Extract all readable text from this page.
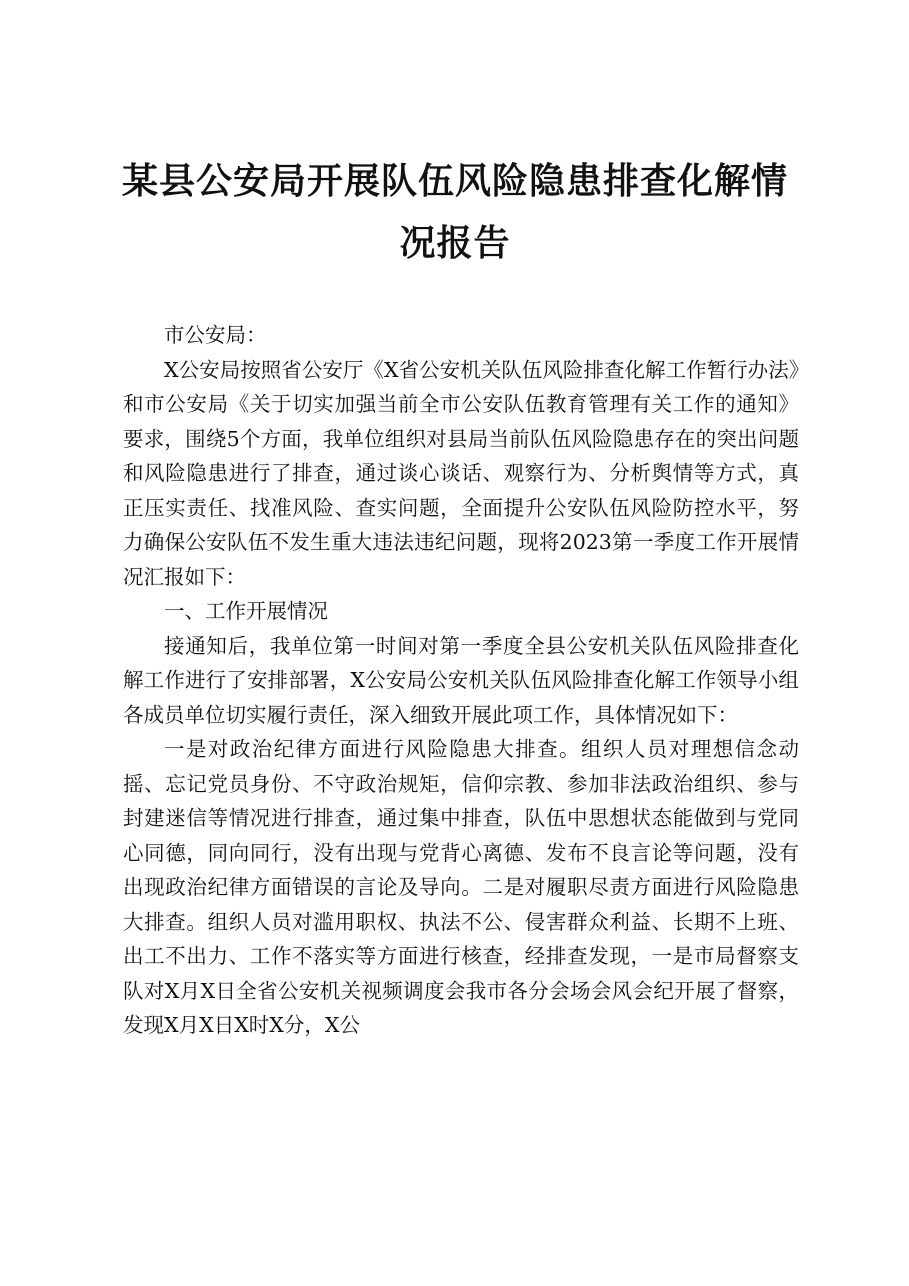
某县公安局开展队伍风险隐患排查化解情况报告

市公安局：

X公安局按照省公安厅《X省公安机关队伍风险排查化解工作暂行办法》和市公安局《关于切实加强当前全市公安队伍教育管理有关工作的通知》要求，围绕5个方面，我单位组织对县局当前队伍风险隐患存在的突出问题和风险隐患进行了排查，通过谈心谈话、观察行为、分析舆情等方式，真正压实责任、找准风险、查实问题，全面提升公安队伍风险防控水平，努力确保公安队伍不发生重大违法违纪问题，现将2023第一季度工作开展情况汇报如下：

一、工作开展情况

接通知后，我单位第一时间对第一季度全县公安机关队伍风险排查化解工作进行了安排部署，X公安局公安机关队伍风险排查化解工作领导小组各成员单位切实履行责任，深入细致开展此项工作，具体情况如下：

一是对政治纪律方面进行风险隐患大排查。组织人员对理想信念动摇、忘记党员身份、不守政治规矩，信仰宗教、参加非法政治组织、参与封建迷信等情况进行排查，通过集中排查，队伍中思想状态能做到与党同心同德，同向同行，没有出现与党背心离德、发布不良言论等问题，没有出现政治纪律方面错误的言论及导向。二是对履职尽责方面进行风险隐患大排查。组织人员对滥用职权、执法不公、侵害群众利益、长期不上班、出工不出力、工作不落实等方面进行核查，经排查发现，一是市局督察支队对X月X日全省公安机关视频调度会我市各分会场会风会纪开展了督察，发现X月X日X时X分，X公
